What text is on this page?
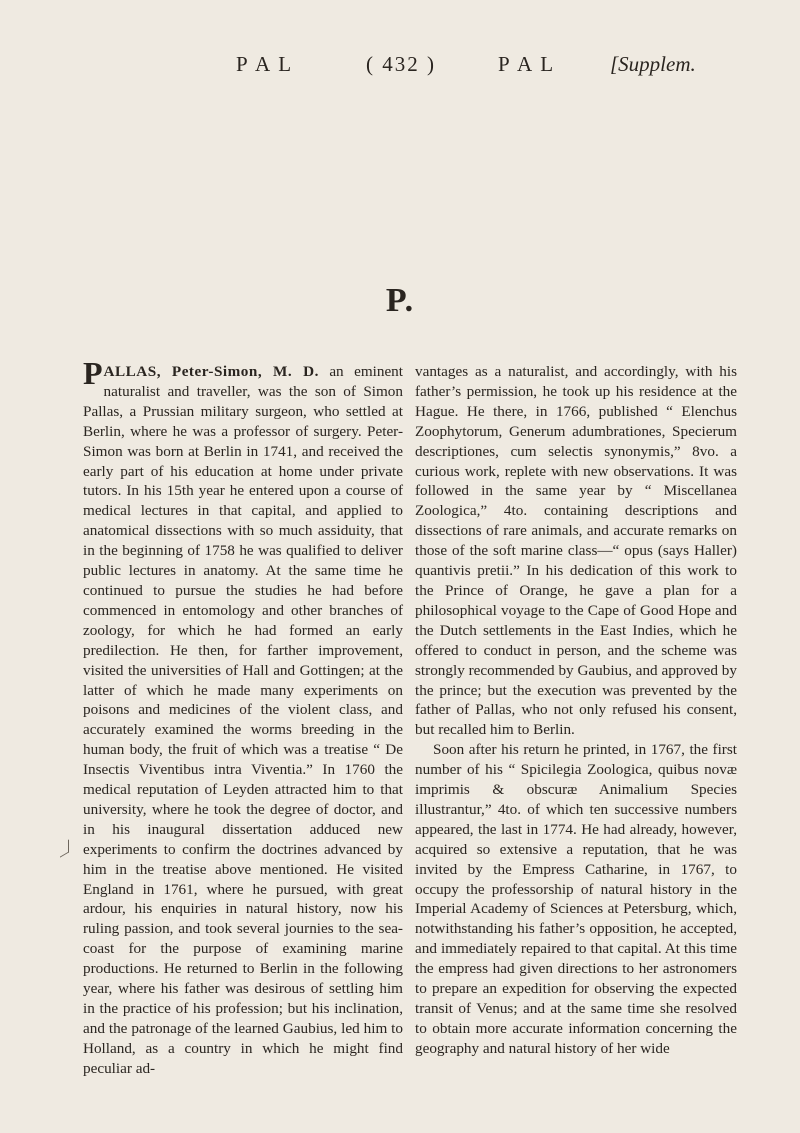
P A L	( 432 )	P A L	[Supplem.
P.

PALLAS, Peter-Simon, M. D. an eminent naturalist and traveller, was the son of Simon Pallas, a Prussian military surgeon, who settled at Berlin, where he was a professor of surgery. Peter-Simon was born at Berlin in 1741, and received the early part of his education at home under private tutors. In his 15th year he entered upon a course of medical lectures in that capital, and applied to anatomical dissections with so much assiduity, that in the beginning of 1758 he was qualified to deliver public lectures in anatomy. At the same time he continued to pursue the studies he had before commenced in entomology and other branches of zoology, for which he had formed an early predilection. He then, for farther improvement, visited the universities of Hall and Gottingen; at the latter of which he made many experiments on poisons and medicines of the violent class, and accurately examined the worms breeding in the human body, the fruit of which was a treatise “ De Insectis Viventibus intra Viventia.” In 1760 the medical reputation of Leyden attracted him to that university, where he took the degree of doctor, and in his inaugural dissertation adduced new experiments to confirm the doctrines advanced by him in the treatise above mentioned. He visited England in 1761, where he pursued, with great ardour, his enquiries in natural history, now his ruling passion, and took several journies to the sea-coast for the purpose of examining marine productions. He returned to Berlin in the following year, where his father was desirous of settling him in the practice of his profession; but his inclination, and the patronage of the learned Gaubius, led him to Holland, as a country in which he might find peculiar ad-

vantages as a naturalist, and accordingly, with his father’s permission, he took up his residence at the Hague. He there, in 1766, published “ Elenchus Zoophytorum, Generum adumbrationes, Specierum descriptiones, cum selectis synonymis,” 8vo. a curious work, replete with new observations. It was followed in the same year by “ Miscellanea Zoologica,” 4to. containing descriptions and dissections of rare animals, and accurate remarks on those of the soft marine class—“ opus (says Haller) quantivis pretii.” In his dedication of this work to the Prince of Orange, he gave a plan for a philosophical voyage to the Cape of Good Hope and the Dutch settlements in the East Indies, which he offered to conduct in person, and the scheme was strongly recommended by Gaubius, and approved by the prince; but the execution was prevented by the father of Pallas, who not only refused his consent, but recalled him to Berlin.

Soon after his return he printed, in 1767, the first number of his “ Spicilegia Zoologica, quibus novæ imprimis & obscuræ Animalium Species illustrantur,” 4to. of which ten successive numbers appeared, the last in 1774. He had already, however, acquired so extensive a reputation, that he was invited by the Empress Catharine, in 1767, to occupy the professorship of natural history in the Imperial Academy of Sciences at Petersburg, which, notwithstanding his father’s opposition, he accepted, and immediately repaired to that capital. At this time the empress had given directions to her astronomers to prepare an expedition for observing the expected transit of Venus; and at the same time she resolved to obtain more accurate information concerning the geography and natural history of her wide
